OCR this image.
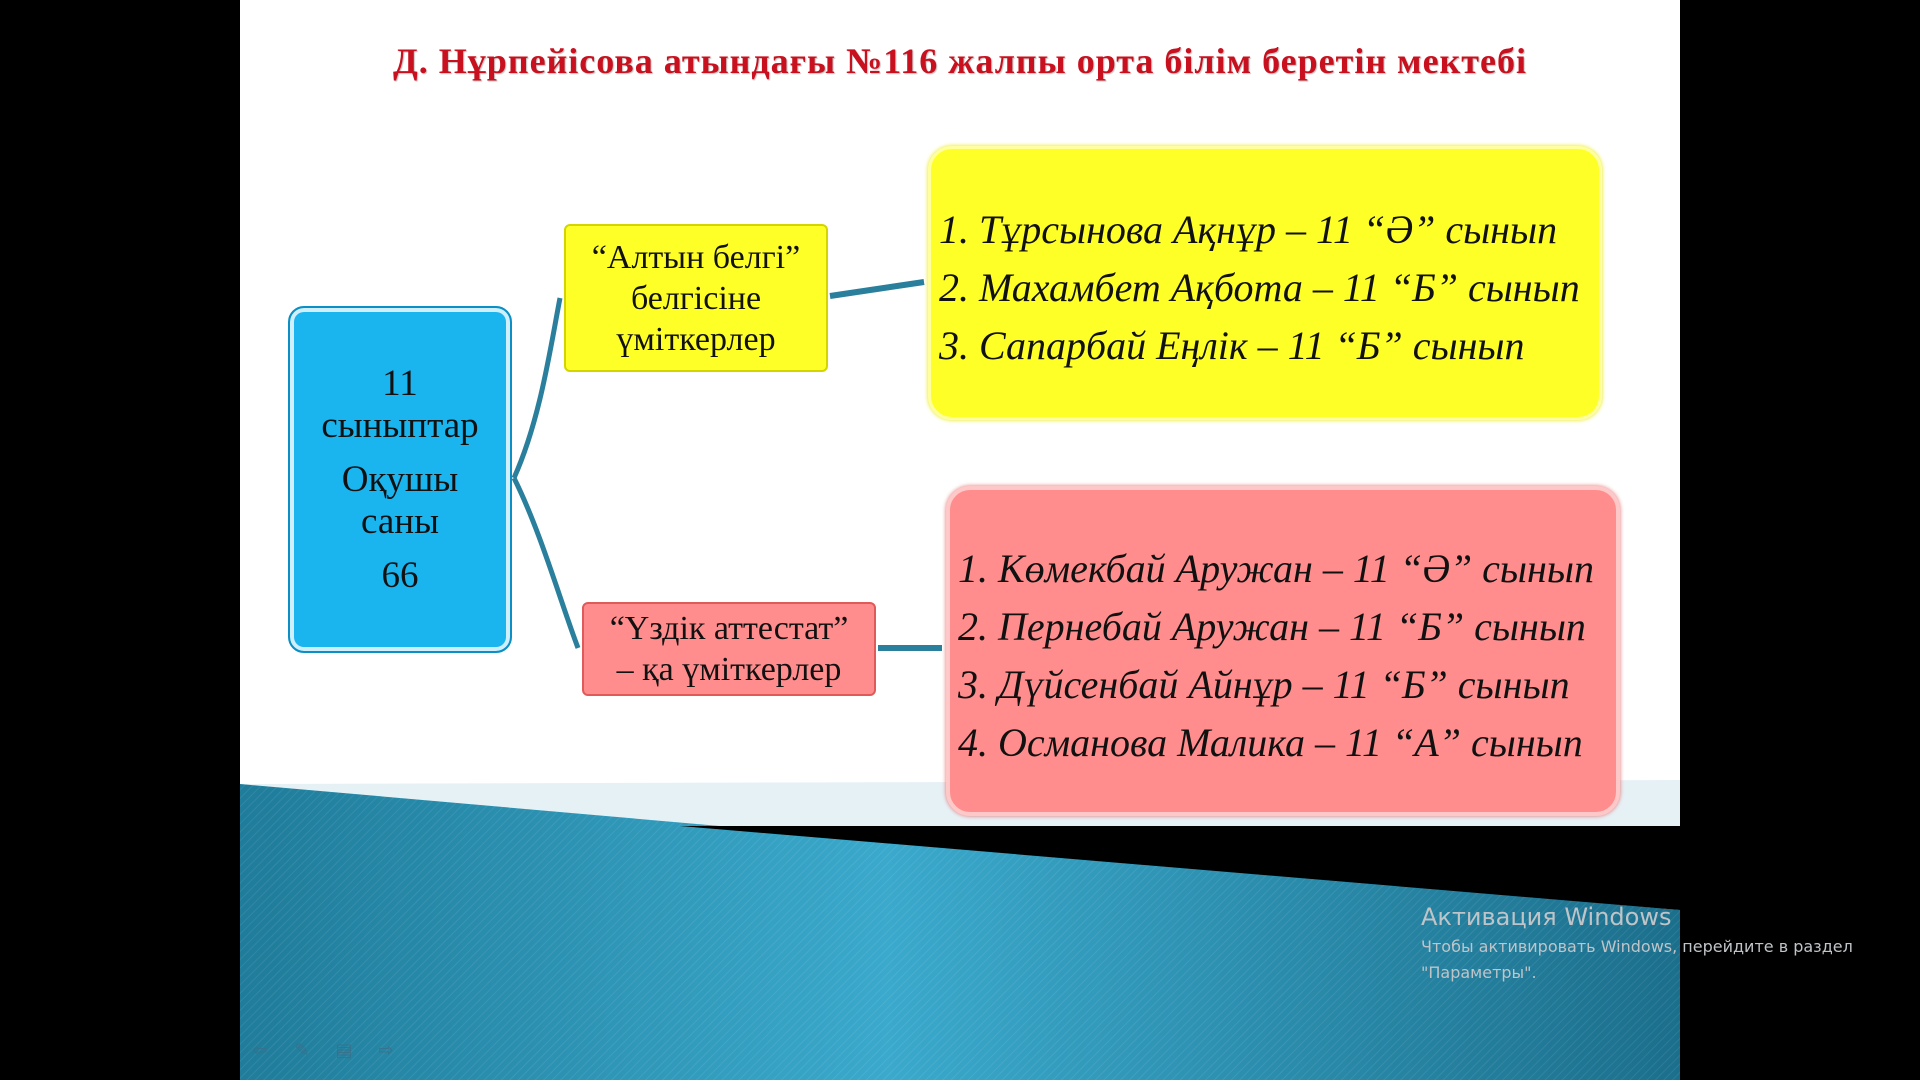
Д. Нұрпейісова атындағы №116 жалпы орта білім беретін мектебі
11
сыныптар
Оқушы
саны
66
“Алтын белгі”
белгісіне
үміткерлер
“Үздік аттестат”
– қа үміткерлер
1. Тұрсынова Ақнұр – 11 “Ә” сынып
2. Махамбет Ақбота – 11 “Б” сынып
3. Сапарбай Еңлік – 11 “Б” сынып
1. Көмекбай Аружан – 11 “Ә” сынып
2. Пернебай Аружан – 11 “Б” сынып
3. Дүйсенбай Айнұр – 11 “Б” сынып
4. Османова Малика – 11 “А” сынып
⇦ ✎ ▤ ⇨
Активация Windows
Чтобы активировать Windows, перейдите в раздел "Параметры".
